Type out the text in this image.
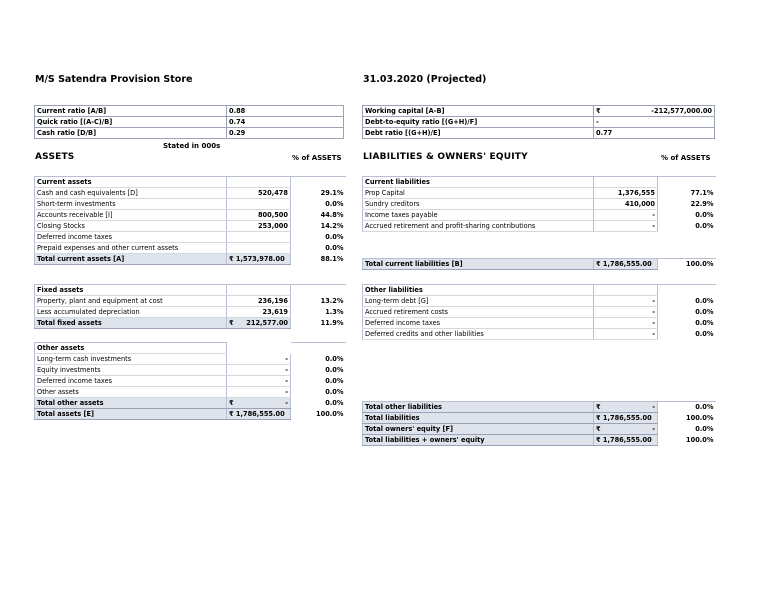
M/S Satendra Provision Store	31.03.2020 (Projected)
Current ratio [A/B]	0.88
Quick ratio [(A-C)/B]	0.74
Cash ratio [D/B]	0.29
Working capital [A-B]	₹ -212,577,000.00
Debt-to-equity ratio [(G+H)/F]	-
Debt ratio [(G+H)/E]	0.77
Stated in 000s
ASSETS	% of ASSETS LIABILITIES & OWNERS' EQUITY	% of ASSETS
Current assets			
Cash and cash equivalents [D]	520,478		29.1%
Short-term investments			0.0%
Accounts receivable [I]	800,500		44.8%
Closing Stocks	253,000		14.2%
Deferred income taxes			0.0%
Prepaid expenses and other current assets			0.0%
Total current assets [A]	₹ 1,573,978.00		88.1%
Current liabilities			
Prop Capital	1,376,555		77.1%
Sundry creditors	410,000		22.9%
Income taxes payable	-		0.0%
Accrued retirement and profit-sharing contributions	-		0.0%
Total current liabilities [B]	₹ 1,786,555.00		100.0%
Fixed assets			
Property, plant and equipment at cost	236,196		13.2%
Less accumulated depreciation	23,619		1.3%
Total fixed assets	₹ 212,577.00		11.9%
Other liabilities			
Long-term debt [G]	-		0.0%
Accrued retirement costs	-		0.0%
Deferred income taxes	-		0.0%
Deferred credits and other liabilities	-		0.0%
Other assets			
Long-term cash investments	-		0.0%
Equity investments	-		0.0%
Deferred income taxes	-		0.0%
Other assets	-		0.0%
Total other assets	₹ -		0.0%
Total assets [E]	₹ 1,786,555.00		100.0%
Total other liabilities	₹ -		0.0%
Total liabilities	₹ 1,786,555.00		100.0%
Total owners' equity [F]	₹ -		0.0%
Total liabilities + owners' equity	₹ 1,786,555.00		100.0%
